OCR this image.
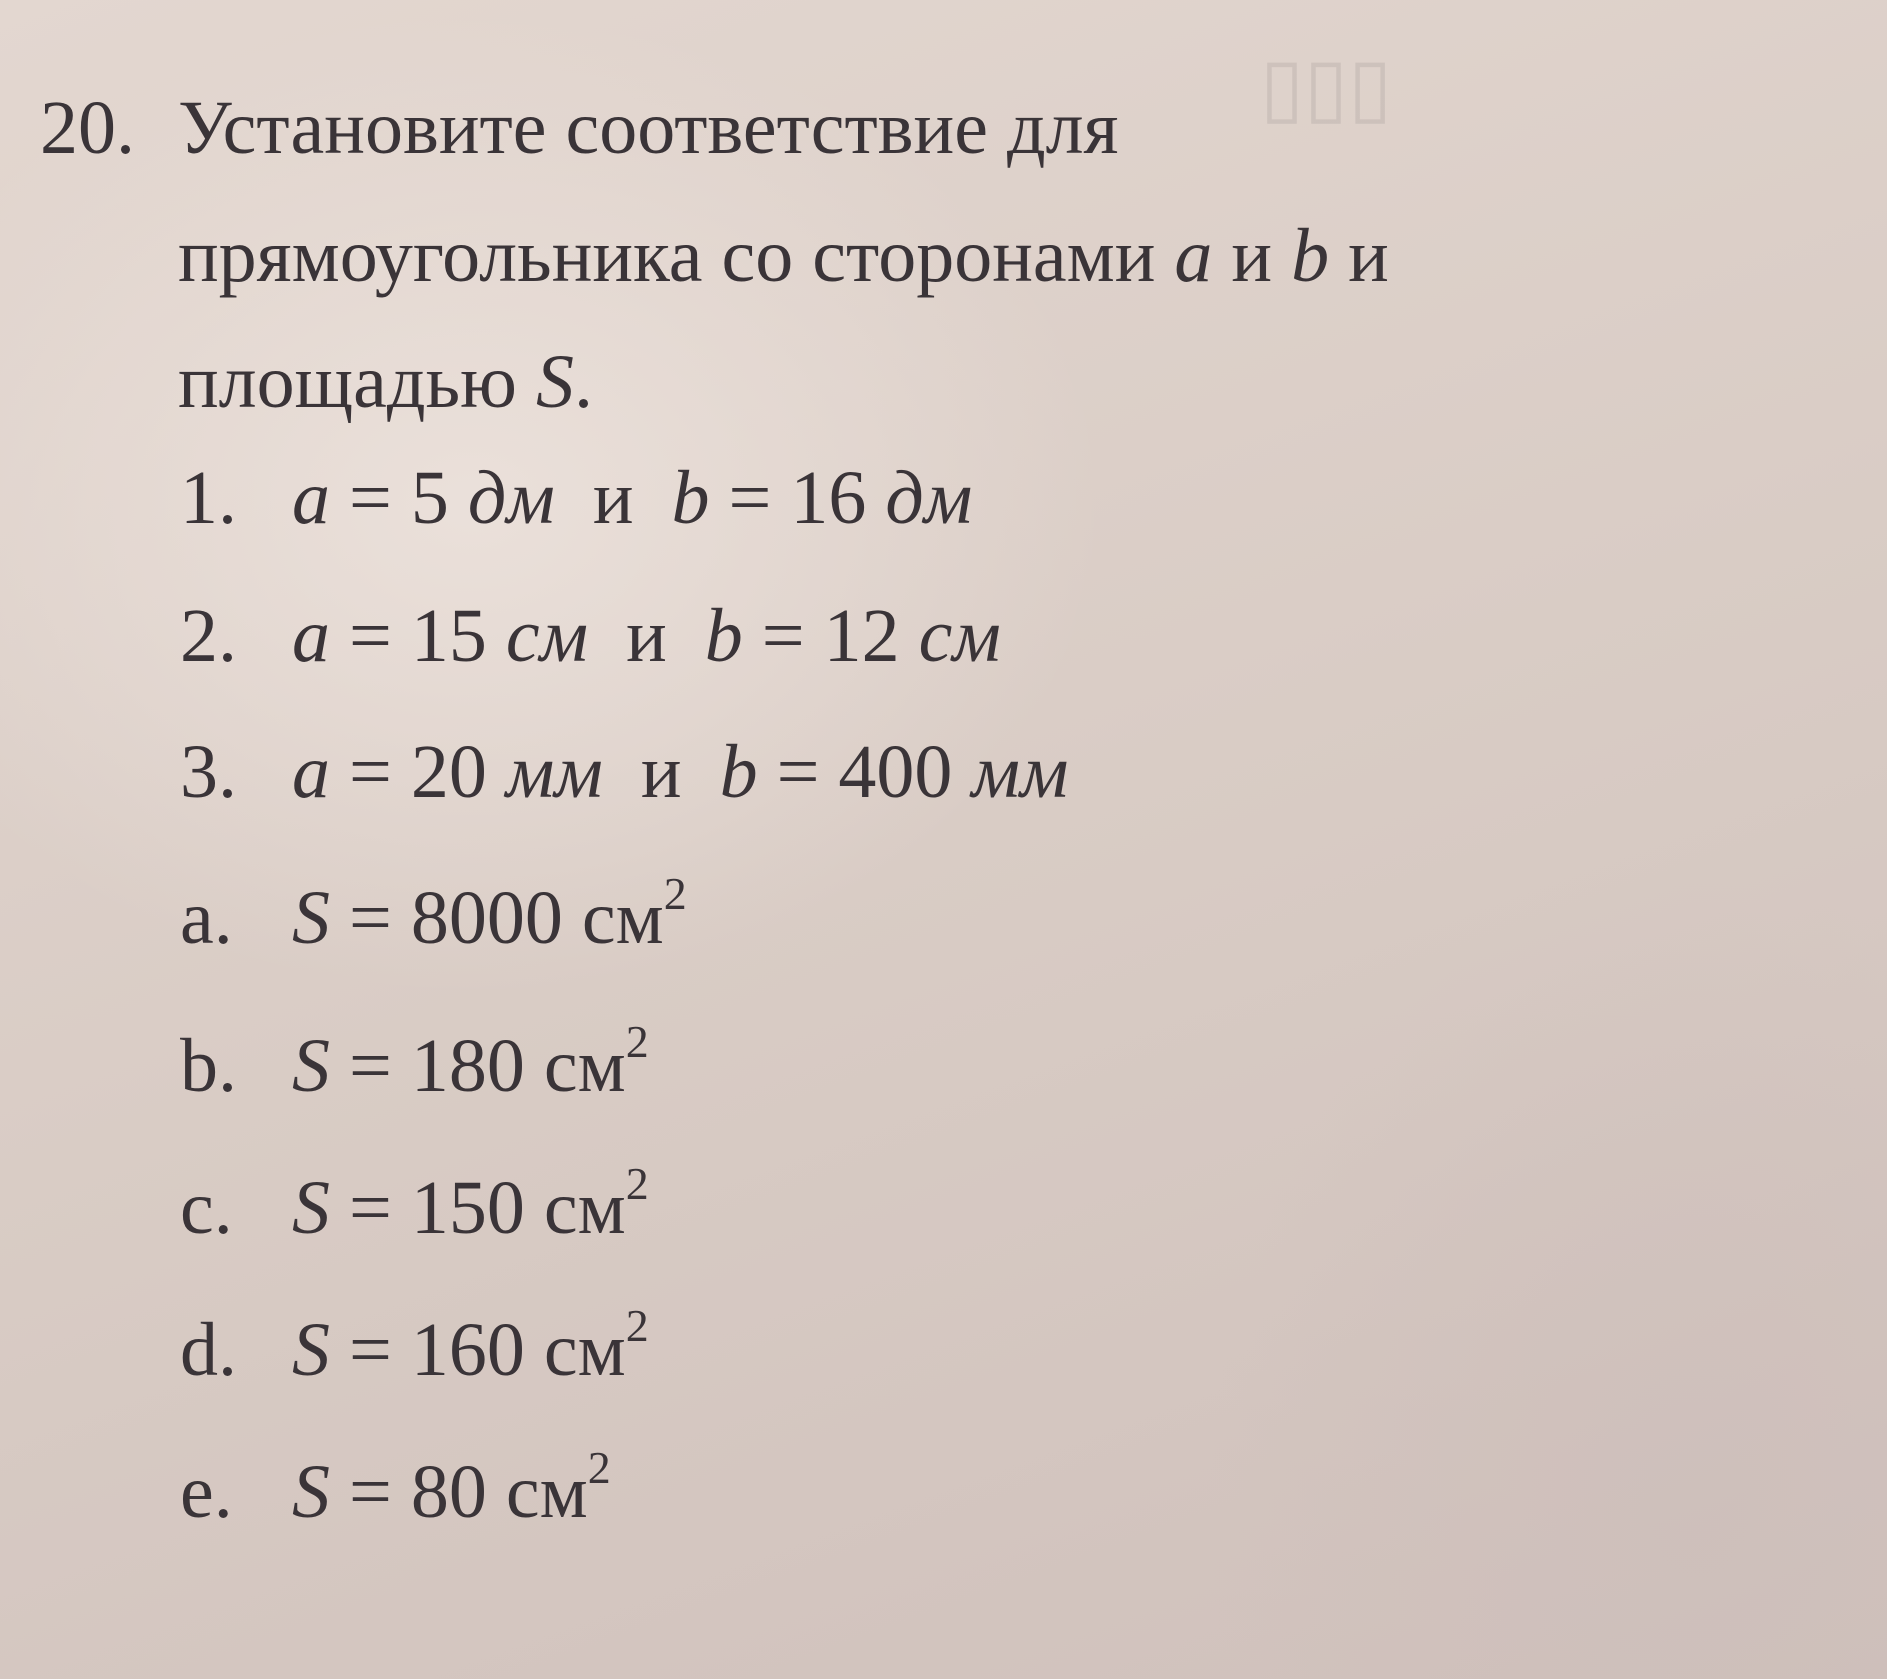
▯▯▯
20. Установите соответствие для
прямоугольника со сторонами a и b и
площадью S.
1. a = 5 дм и b = 16 дм
2. a = 15 см и b = 12 см
3. a = 20 мм и b = 400 мм
a. S = 8000 $см^2$
b. S = 180 $см^2$
c. S = 150 $см^2$
d. S = 160 $см^2$
e. S = 80 $см^2$
